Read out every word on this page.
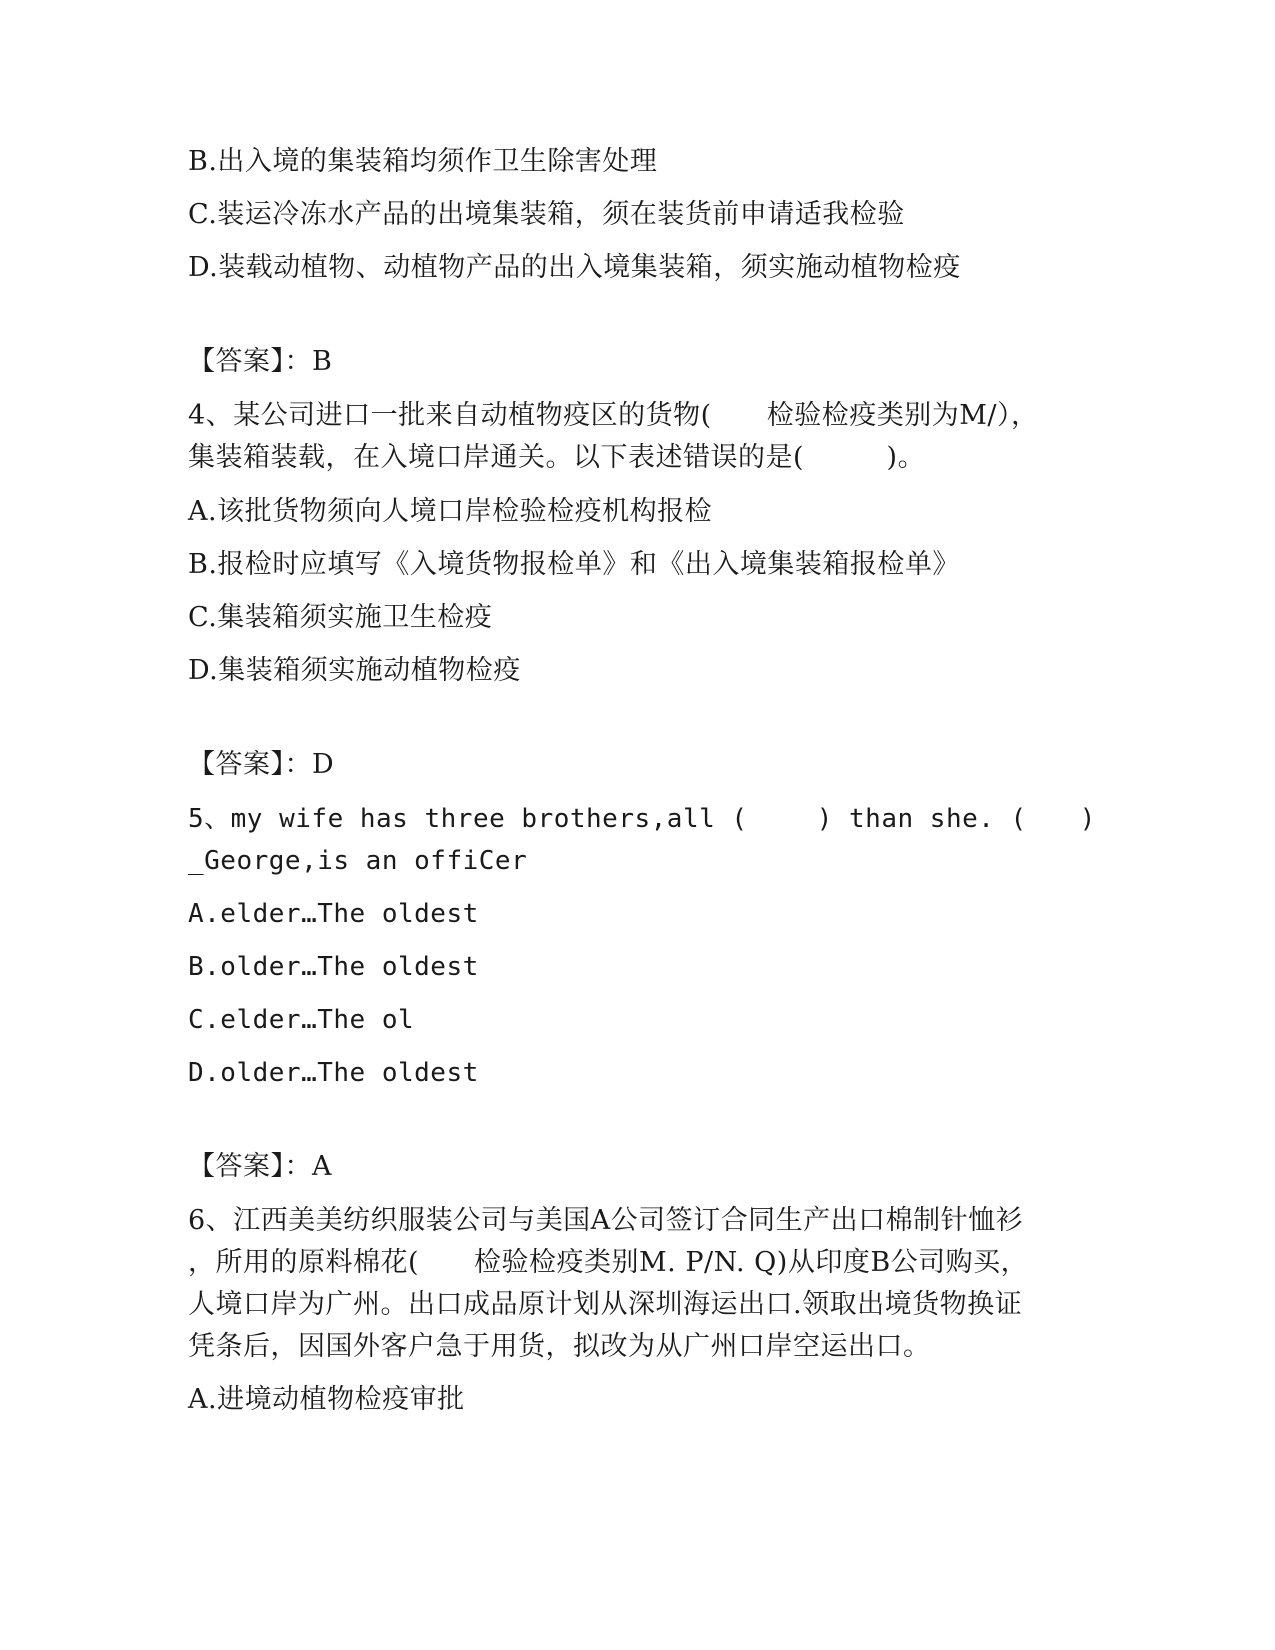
B.出入境的集装箱均须作卫生除害处理
C.装运冷冻水产品的出境集装箱，须在装货前申请适我检验
D.装载动植物、动植物产品的出入境集装箱，须实施动植物检疫
【答案】：B
4、某公司进口一批来自动植物疫区的货物(　　检验检疫类别为M/），
集装箱装载，在入境口岸通关。以下表述错误的是(　　　)。
A.该批货物须向人境口岸检验检疫机构报检
B.报检时应填写《入境货物报检单》和《出入境集装箱报检单》
C.集装箱须实施卫生检疫
D.集装箱须实施动植物检疫
【答案】：D
5、my wife has three brothers,all (　　 ) than she. (　　)
_George,is an offiCer
A.elder…The oldest
B.older…The oldest
C.elder…The ol
D.older…The oldest
【答案】：A
6、江西美美纺织服装公司与美国A公司签订合同生产出口棉制针恤衫
，所用的原料棉花(　　检验检疫类别M. P/N. Q)从印度B公司购买，
人境口岸为广州。出口成品原计划从深圳海运出口.领取出境货物换证
凭条后，因国外客户急于用货，拟改为从广州口岸空运出口。
A.进境动植物检疫审批
